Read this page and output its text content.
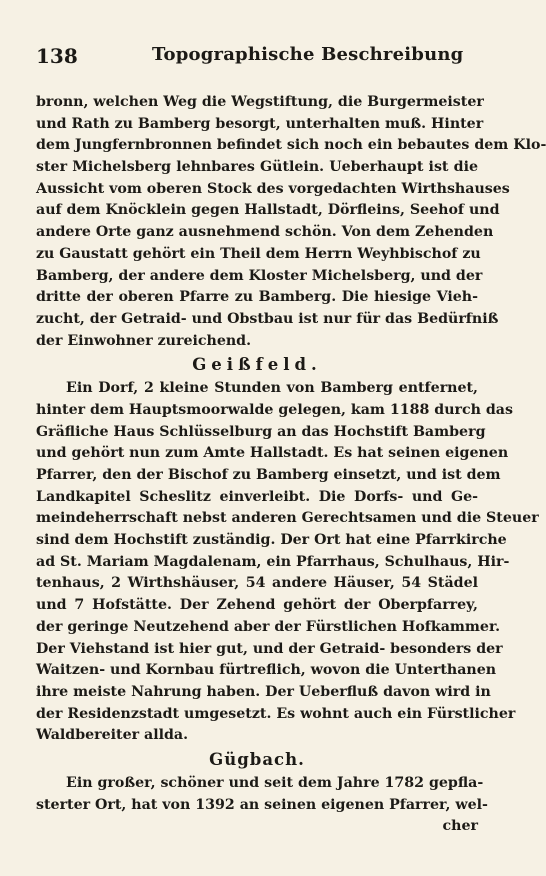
138	Topographische Beschreibung
bronn, welchen Weg die Wegstiftung, die Burgermeister
und Rath zu Bamberg besorgt, unterhalten muß. Hinter
dem Jungfernbronnen befindet sich noch ein bebautes dem Klo-
ster Michelsberg lehnbares Gütlein. Ueberhaupt ist die
Aussicht vom oberen Stock des vorgedachten Wirthshauses
auf dem Knöcklein gegen Hallstadt, Dörfleins, Seehof und
andere Orte ganz ausnehmend schön. Von dem Zehenden
zu Gaustatt gehört ein Theil dem Herrn Weyhbischof zu
Bamberg, der andere dem Kloster Michelsberg, und der
dritte der oberen Pfarre zu Bamberg. Die hiesige Vieh-
zucht, der Getraid- und Obstbau ist nur für das Bedürfniß
der Einwohner zureichend.
Geißfeld.
Ein Dorf, 2 kleine Stunden von Bamberg entfernet,
hinter dem Hauptsmoorwalde gelegen, kam 1188 durch das
Gräfliche Haus Schlüsselburg an das Hochstift Bamberg
und gehört nun zum Amte Hallstadt. Es hat seinen eigenen
Pfarrer, den der Bischof zu Bamberg einsetzt, und ist dem
Landkapitel Scheslitz einverleibt. Die Dorfs- und Ge-
meindeherrschaft nebst anderen Gerechtsamen und die Steuer
sind dem Hochstift zuständig. Der Ort hat eine Pfarrkirche
ad St. Mariam Magdalenam, ein Pfarrhaus, Schulhaus, Hir-
tenhaus, 2 Wirthshäuser, 54 andere Häuser, 54 Städel
und 7 Hofstätte. Der Zehend gehört der Oberpfarrey,
der geringe Neutzehend aber der Fürstlichen Hofkammer.
Der Viehstand ist hier gut, und der Getraid- besonders der
Waitzen- und Kornbau fürtreflich, wovon die Unterthanen
ihre meiste Nahrung haben. Der Ueberfluß davon wird in
der Residenzstadt umgesetzt. Es wohnt auch ein Fürstlicher
Waldbereiter allda.
Gügbach.
Ein großer, schöner und seit dem Jahre 1782 gepfla-
sterter Ort, hat von 1392 an seinen eigenen Pfarrer, wel-
cher
